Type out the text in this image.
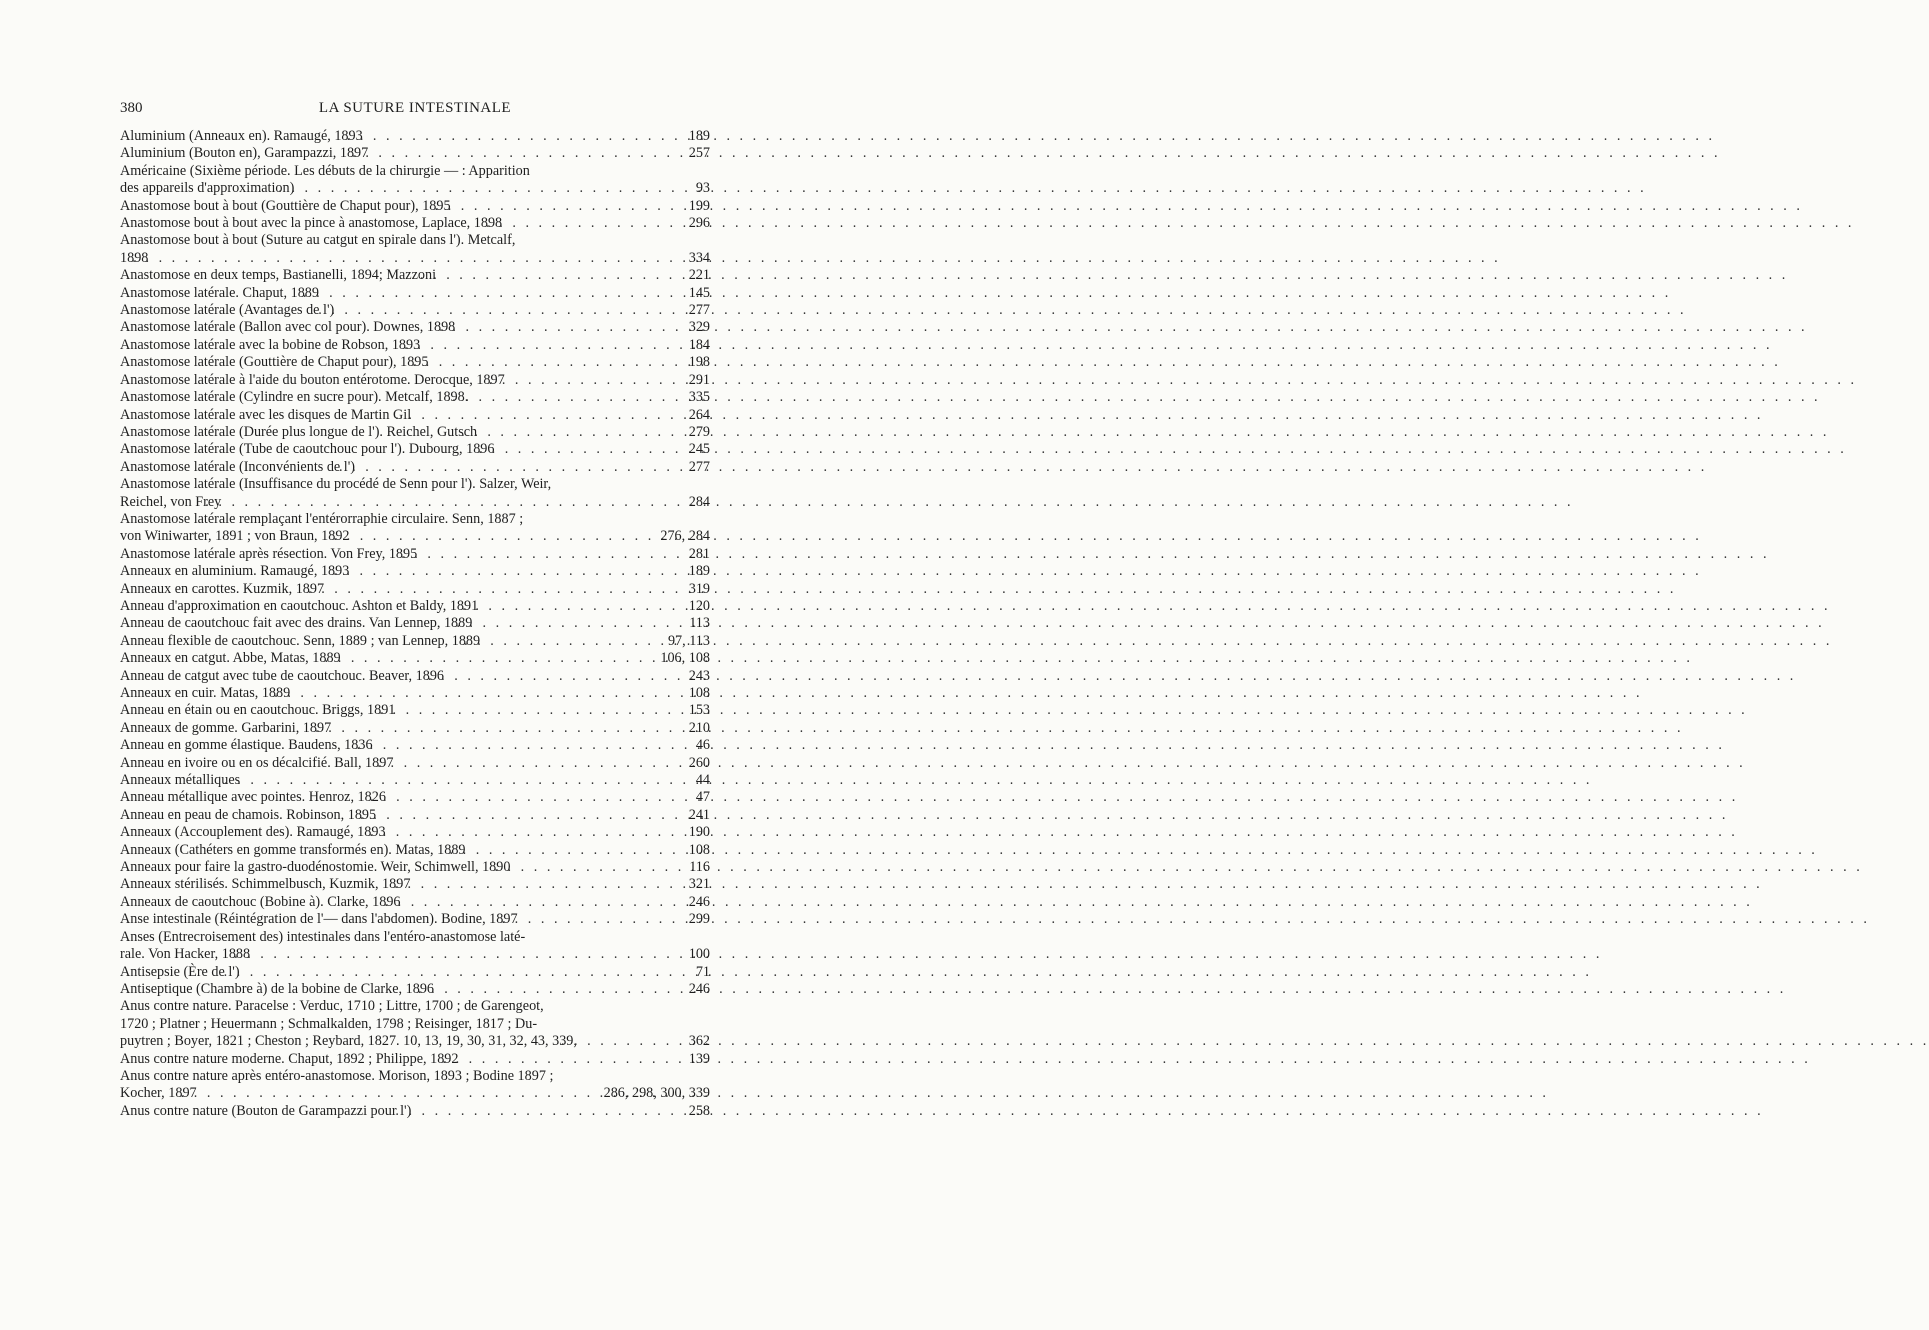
380	LA SUTURE INTESTINALE
Aluminium (Anneaux en). Ramaugé, 1893 . . .	189
Aluminium (Bouton en), Garampazzi, 1897 . . .	257
Américaine (Sixième période. Les débuts de la chirurgie — : Apparition
des appareils d'approximation) . . .	93
Anastomose bout à bout (Gouttière de Chaput pour), 1895 . . .	199
Anastomose bout à bout avec la pince à anastomose, Laplace, 1898 . . .	296
Anastomose bout à bout (Suture au catgut en spirale dans l'). Metcalf,
1898 . . .	334
Anastomose en deux temps, Bastianelli, 1894; Mazzoni . . .	221
Anastomose latérale. Chaput, 1889 . . .	145
Anastomose latérale (Avantages de l') . . .	277
Anastomose latérale (Ballon avec col pour). Downes, 1898 . . .	329
Anastomose latérale avec la bobine de Robson, 1893 . . .	184
Anastomose latérale (Gouttière de Chaput pour), 1895 . . .	198
Anastomose latérale à l'aide du bouton entérotome. Derocque, 1897 . . .	291
Anastomose latérale (Cylindre en sucre pour). Metcalf, 1898. . . .	335
Anastomose latérale avec les disques de Martin Gil . . .	264
Anastomose latérale (Durée plus longue de l'). Reichel, Gutsch . . .	279
Anastomose latérale (Tube de caoutchouc pour l'). Dubourg, 1896 . . .	245
Anastomose latérale (Inconvénients de l') . . .	277
Anastomose latérale (Insuffisance du procédé de Senn pour l'). Salzer, Weir,
Reichel, von Frey . . .	284
Anastomose latérale remplaçant l'entérorraphie circulaire. Senn, 1887 ;
von Winiwarter, 1891 ; von Braun, 1892 . . .	276, 284
Anastomose latérale après résection. Von Frey, 1895 . . .	281
Anneaux en aluminium. Ramaugé, 1893 . . .	189
Anneaux en carottes. Kuzmik, 1897 . . .	319
Anneau d'approximation en caoutchouc. Ashton et Baldy, 1891 . . .	120
Anneau de caoutchouc fait avec des drains. Van Lennep, 1889 . . .	113
Anneau flexible de caoutchouc. Senn, 1889 ; van Lennep, 1889 . . .	97, 113
Anneaux en catgut. Abbe, Matas, 1889 . . .	106, 108
Anneau de catgut avec tube de caoutchouc. Beaver, 1896 . . .	243
Anneaux en cuir. Matas, 1889 . . .	108
Anneau en étain ou en caoutchouc. Briggs, 1891 . . .	153
Anneaux de gomme. Garbarini, 1897 . . .	210
Anneau en gomme élastique. Baudens, 1836 . . .	46
Anneau en ivoire ou en os décalcifié. Ball, 1897 . . .	260
Anneaux métalliques . . .	44
Anneau métallique avec pointes. Henroz, 1826 . . .	47
Anneau en peau de chamois. Robinson, 1895 . . .	241
Anneaux (Accouplement des). Ramaugé, 1893 . . .	190
Anneaux (Cathéters en gomme transformés en). Matas, 1889 . . .	108
Anneaux pour faire la gastro-duodénostomie. Weir, Schimwell, 1890 . . .	116
Anneaux stérilisés. Schimmelbusch, Kuzmik, 1897 . . .	321
Anneaux de caoutchouc (Bobine à). Clarke, 1896 . . .	246
Anse intestinale (Réintégration de l'— dans l'abdomen). Bodine, 1897 . . .	299
Anses (Entrecroisement des) intestinales dans l'entéro-anastomose laté-
rale. Von Hacker, 1888 . . .	100
Antisepsie (Ère de l') . . .	71
Antiseptique (Chambre à) de la bobine de Clarke, 1896 . . .	246
Anus contre nature. Paracelse : Verduc, 1710 ; Littre, 1700 ; de Garengeot,
1720 ; Platner ; Heuermann ; Schmalkalden, 1798 ; Reisinger, 1817 ; Du-
puytren ; Boyer, 1821 ; Cheston ; Reybard, 1827. 10, 13, 19, 30, 31, 32, 43, 339, . . .	362
Anus contre nature moderne. Chaput, 1892 ; Philippe, 1892 . . .	139
Anus contre nature après entéro-anastomose. Morison, 1893 ; Bodine 1897 ;
Kocher, 1897 . . .	286, 298, 300, 339
Anus contre nature (Bouton de Garampazzi pour l') . . .	258
